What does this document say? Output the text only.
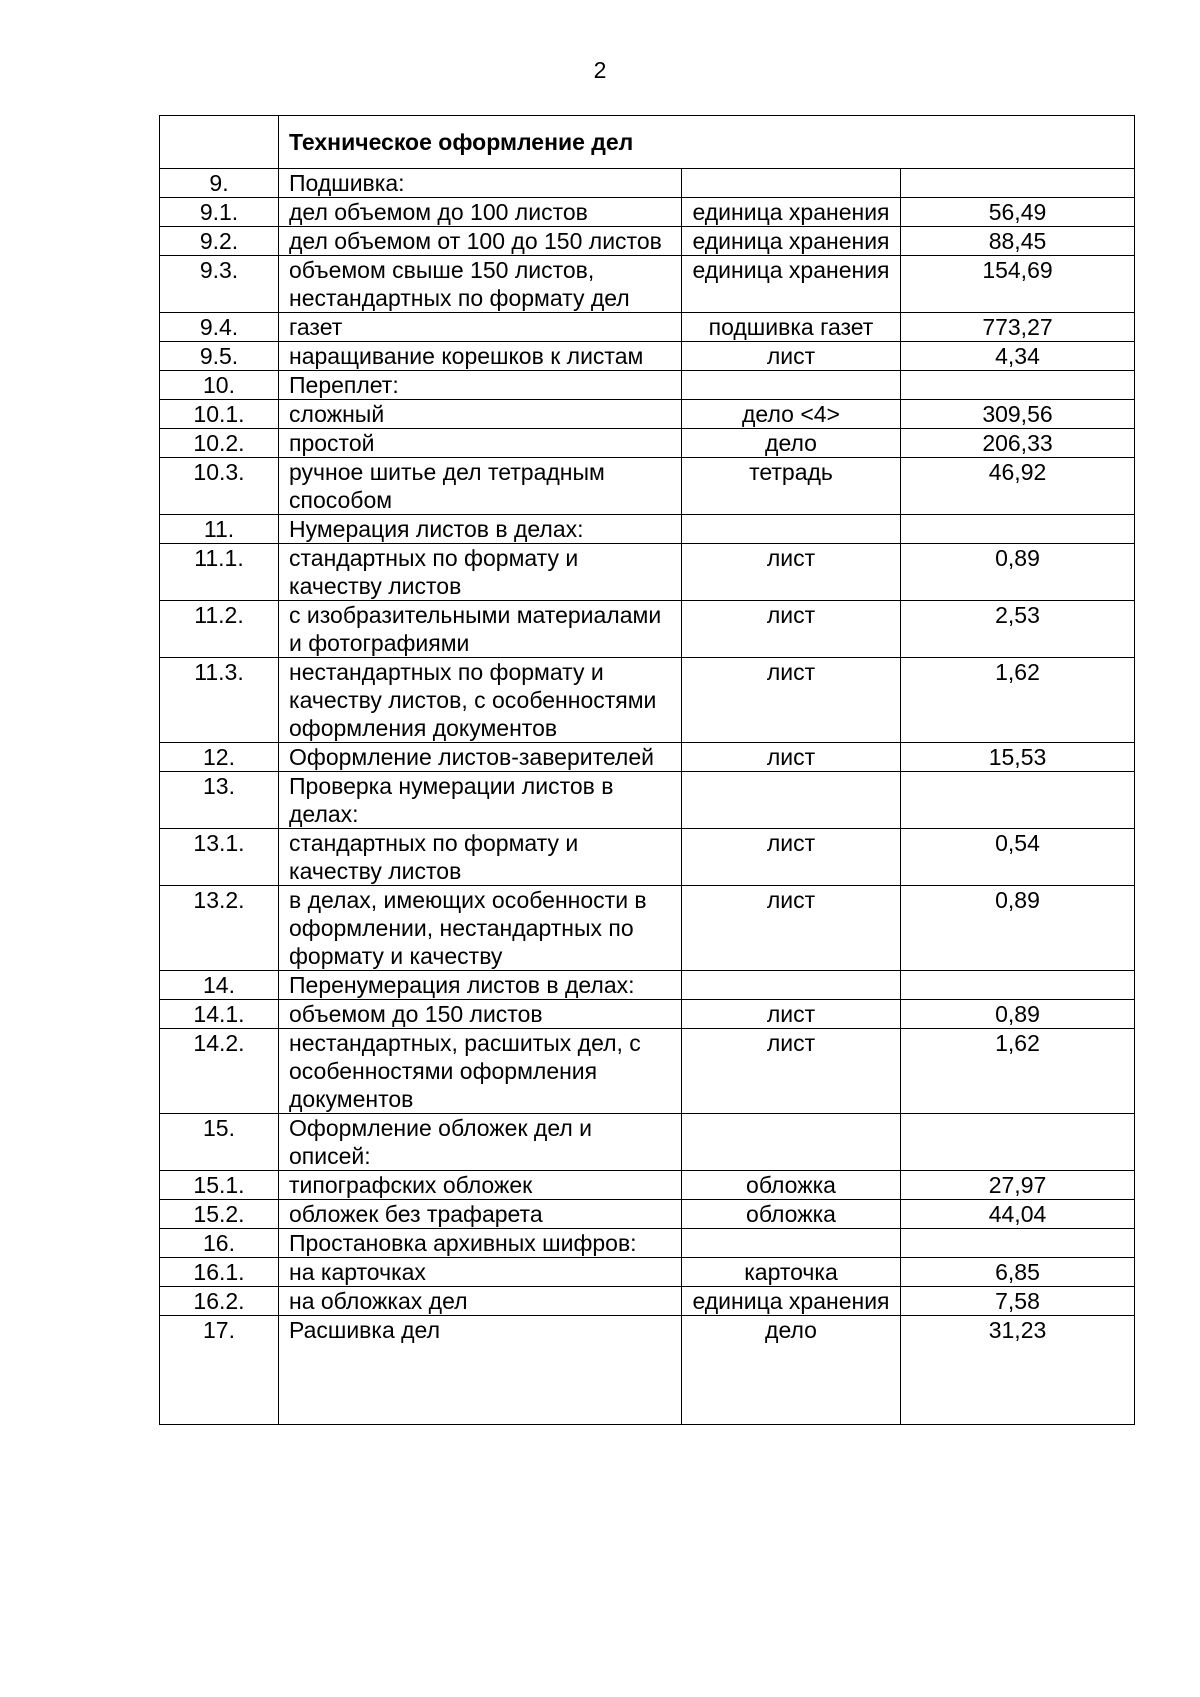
2
	Техническое оформление дел		
9.	Подшивка:		
9.1.	дел объемом до 100 листов	единица хранения	56,49
9.2.	дел объемом от 100 до 150 листов	единица хранения	88,45
9.3.	объемом свыше 150 листов, нестандартных по формату дел	единица хранения	154,69
9.4.	газет	подшивка газет	773,27
9.5.	наращивание корешков к листам	лист	4,34
10.	Переплет:		
10.1.	сложный	дело <4>	309,56
10.2.	простой	дело	206,33
10.3.	ручное шитье дел тетрадным способом	тетрадь	46,92
11.	Нумерация листов в делах:		
11.1.	стандартных по формату и качеству листов	лист	0,89
11.2.	с изобразительными материалами и фотографиями	лист	2,53
11.3.	нестандартных по формату и качеству листов, с особенностями оформления документов	лист	1,62
12.	Оформление листов-заверителей	лист	15,53
13.	Проверка нумерации листов в делах:		
13.1.	стандартных по формату и качеству листов	лист	0,54
13.2.	в делах, имеющих особенности в оформлении, нестандартных по формату и качеству	лист	0,89
14.	Перенумерация листов в делах:		
14.1.	объемом до 150 листов	лист	0,89
14.2.	нестандартных, расшитых дел, с особенностями оформления документов	лист	1,62
15.	Оформление обложек дел и описей:		
15.1.	типографских обложек	обложка	27,97
15.2.	обложек без трафарета	обложка	44,04
16.	Простановка архивных шифров:		
16.1.	на карточках	карточка	6,85
16.2.	на обложках дел	единица хранения	7,58
17.	Расшивка дел	дело	31,23
